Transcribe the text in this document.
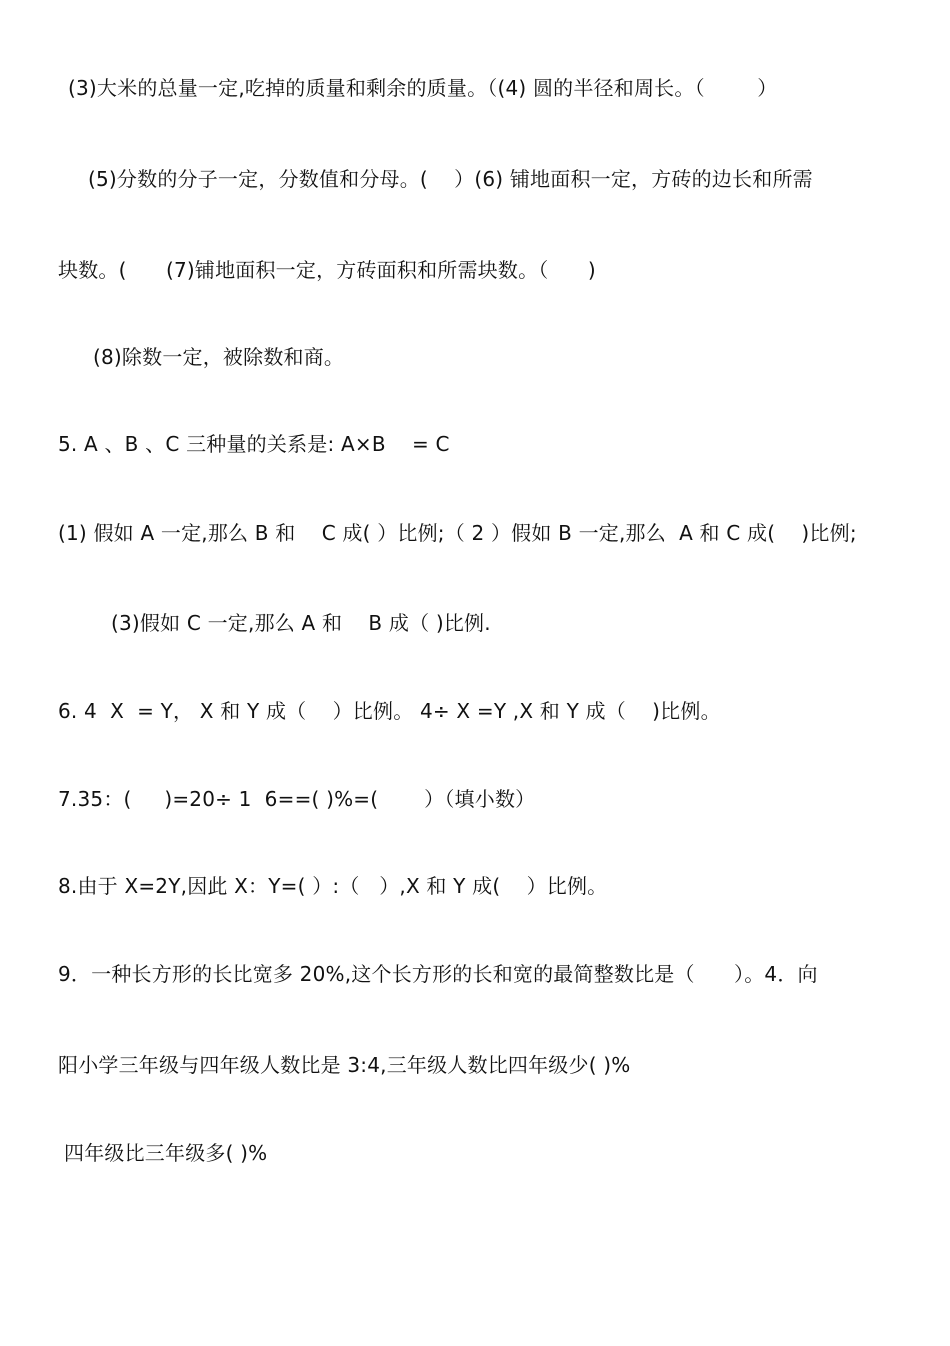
(3)大米的总量一定,吃掉的质量和剩余的质量。（(4) 圆的半径和周长。（        ）
(5)分数的分子一定，分数值和分母。(    ）(6) 铺地面积一定，方砖的边长和所需
块数。(      (7)铺地面积一定，方砖面积和所需块数。（      )
(8)除数一定，被除数和商。
5. A 、B 、C 三种量的关系是: A×B    = C
(1) 假如 A 一定,那么 B 和    C 成( ）比例;（ 2 ）假如 B 一定,那么  A 和 C 成(    )比例;
(3)假如 C 一定,那么 A 和    B 成（ )比例.
6. 4  X  = Y， X 和 Y 成（    ）比例。 4÷ X =Y ,X 和 Y 成（    )比例。
7.35：(     )=20÷ 1  6==( )%=(       ）（填小数）
8.由于 X=2Y,因此 X：Y=( ）:（   ）,X 和 Y 成(    ）比例。
9．一种长方形的长比宽多 20%,这个长方形的长和宽的最简整数比是（      ）。4．向
阳小学三年级与四年级人数比是 3:4,三年级人数比四年级少( )%
四年级比三年级多( )%
